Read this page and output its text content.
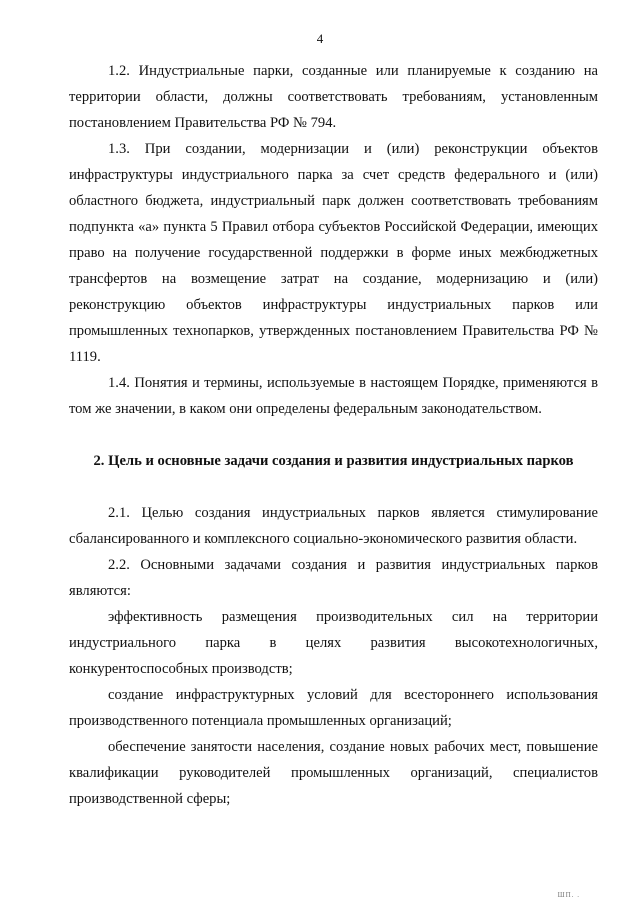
4

1.2. Индустриальные парки, созданные или планируемые к созданию на территории области, должны соответствовать требованиям, установленным постановлением Правительства РФ № 794.

1.3. При создании, модернизации и (или) реконструкции объектов инфраструктуры индустриального парка за счет средств федерального и (или) областного бюджета, индустриальный парк должен соответствовать требованиям подпункта «а» пункта 5 Правил отбора субъектов Российской Федерации, имеющих право на получение государственной поддержки в форме иных межбюджетных трансфертов на возмещение затрат на создание, модернизацию и (или) реконструкцию объектов инфраструктуры индустриальных парков или промышленных технопарков, утвержденных постановлением Правительства РФ № 1119.

1.4. Понятия и термины, используемые в настоящем Порядке, применяются в том же значении, в каком они определены федеральным законодательством.

2. Цель и основные задачи создания и развития индустриальных парков

2.1. Целью создания индустриальных парков является стимулирование сбалансированного и комплексного социально-экономического развития области.

2.2. Основными задачами создания и развития индустриальных парков являются:

эффективность размещения производительных сил на территории индустриального парка в целях развития высокотехнологичных, конкурентоспособных производств;

создание инфраструктурных условий для всестороннего использования производственного потенциала промышленных организаций;

обеспечение занятости населения, создание новых рабочих мест, повышение квалификации руководителей промышленных организаций, специалистов производственной сферы;

ШП. .
